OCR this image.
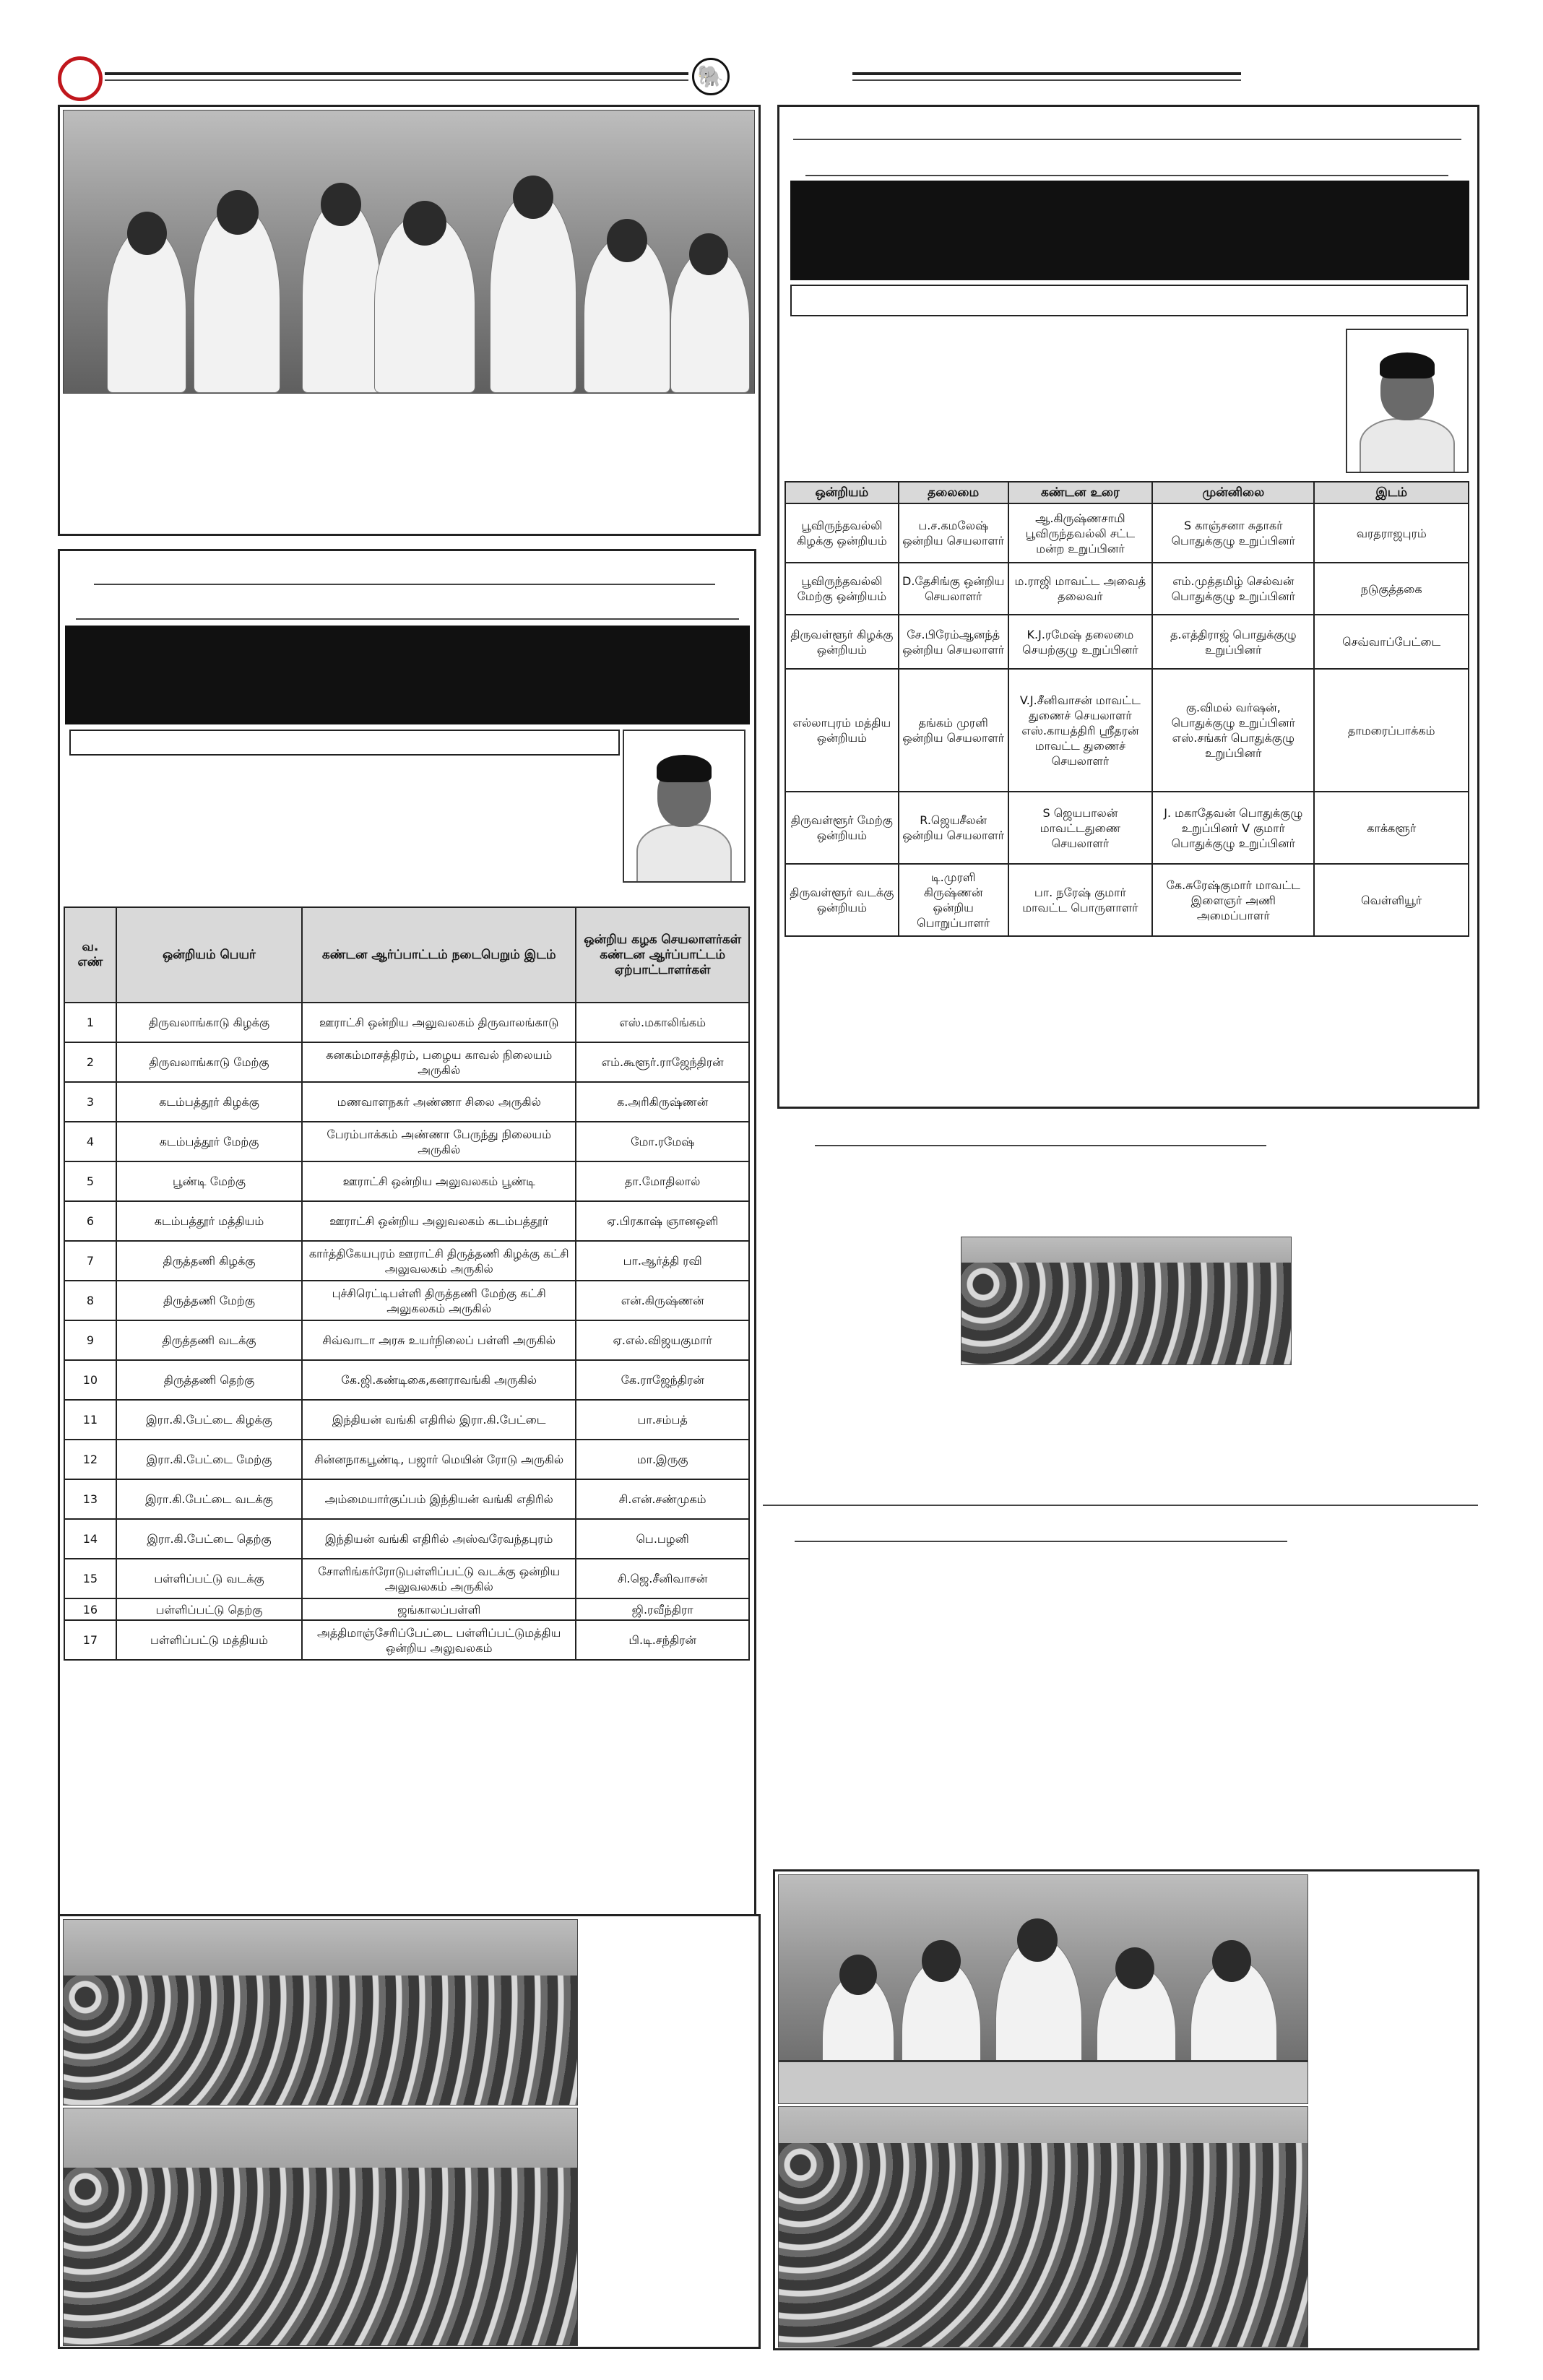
🐘
வ. எண்	ஒன்றியம் பெயர்	கண்டன ஆர்ப்பாட்டம் நடைபெறும் இடம்	ஒன்றிய கழக செயலாளர்கள் கண்டன ஆர்ப்பாட்டம் ஏற்பாட்டாளர்கள்
1	திருவலாங்காடு கிழக்கு	ஊராட்சி ஒன்றிய அலுவலகம் திருவாலங்காடு	எஸ்.மகாலிங்கம்
2	திருவலாங்காடு மேற்கு	கனகம்மாசத்திரம், பழைய காவல் நிலையம் அருகில்	எம்.கூளூர்.ராஜேந்திரன்
3	கடம்பத்தூர் கிழக்கு	மணவாளநகர் அண்ணா சிலை அருகில்	க.அரிகிருஷ்ணன்
4	கடம்பத்தூர் மேற்கு	பேரம்பாக்கம் அண்ணா பேருந்து நிலையம் அருகில்	மோ.ரமேஷ்
5	பூண்டி மேற்கு	ஊராட்சி ஒன்றிய அலுவலகம் பூண்டி	தா.மோதிலால்
6	கடம்பத்தூர் மத்தியம்	ஊராட்சி ஒன்றிய அலுவலகம் கடம்பத்தூர்	ஏ.பிரகாஷ் ஞானஒளி
7	திருத்தணி கிழக்கு	கார்த்திகேயபுரம் ஊராட்சி திருத்தணி கிழக்கு கட்சி அலுவலகம் அருகில்	பா.ஆர்த்தி ரவி
8	திருத்தணி மேற்கு	புச்சிரெட்டிபள்ளி திருத்தணி மேற்கு கட்சி அலுகலகம் அருகில்	என்.கிருஷ்ணன்
9	திருத்தணி வடக்கு	சிவ்வாடா அரசு உயர்நிலைப் பள்ளி அருகில்	ஏ.எல்.விஜயகுமார்
10	திருத்தணி தெற்கு	கே.ஜி.கண்டிகை,கனராவங்கி அருகில்	கே.ராஜேந்திரன்
11	இரா.கி.பேட்டை கிழக்கு	இந்தியன் வங்கி எதிரில் இரா.கி.பேட்டை	பா.சம்பத்
12	இரா.கி.பேட்டை மேற்கு	சின்னநாகபூண்டி, பஜார் மெயின் ரோடு அருகில்	மா.இருகு
13	இரா.கி.பேட்டை வடக்கு	அம்மையார்குப்பம் இந்தியன் வங்கி எதிரில்	சி.என்.சண்முகம்
14	இரா.கி.பேட்டை தெற்கு	இந்தியன் வங்கி எதிரில் அஸ்வரேவந்தபுரம்	பெ.பழனி
15	பள்ளிப்பட்டு வடக்கு	சோளிங்கர்ரோடுபள்ளிப்பட்டு வடக்கு ஒன்றிய அலுவலகம் அருகில்	சி.ஜெ.சீனிவாசன்
16	பள்ளிப்பட்டு தெற்கு	ஜங்காலப்பள்ளி	ஜி.ரவீந்திரா
17	பள்ளிப்பட்டு மத்தியம்	அத்திமாஞ்சேரிப்பேட்டை பள்ளிப்பட்டுமத்திய ஒன்றிய அலுவலகம்	பி.டி.சந்திரன்
ஒன்றியம்	தலைமை	கண்டன உரை	முன்னிலை	இடம்
பூவிருந்தவல்லி கிழக்கு ஒன்றியம்	ப.ச.கமலேஷ் ஒன்றிய செயலாளர்	ஆ.கிருஷ்ணசாமி பூவிருந்தவல்லி சட்ட மன்ற உறுப்பினர்	S காஞ்சனா சுதாகர் பொதுக்குழு உறுப்பினர்	வரதராஜபுரம்
பூவிருந்தவல்லி மேற்கு ஒன்றியம்	D.தேசிங்கு ஒன்றிய செயலாளர்	ம.ராஜி மாவட்ட அவைத் தலைவர்	எம்.முத்தமிழ் செல்வன் பொதுக்குழு உறுப்பினர்	நடுகுத்தகை
திருவள்ளூர் கிழக்கு ஒன்றியம்	சே.பிரேம்ஆனந்த் ஒன்றிய செயலாளர்	K.J.ரமேஷ் தலைமை செயற்குழு உறுப்பினர்	த.எத்திராஜ் பொதுக்குழு உறுப்பினர்	செவ்வாப்பேட்டை
எல்லாபுரம் மத்திய ஒன்றியம்	தங்கம் முரளி ஒன்றிய செயலாளர்	V.J.சீனிவாசன் மாவட்ட துணைச் செயலாளர் எஸ்.காயத்திரி ஸ்ரீதரன் மாவட்ட துணைச் செயலாளர்	கு.விமல் வர்ஷன், பொதுக்குழு உறுப்பினர் எஸ்.சங்கர் பொதுக்குழு உறுப்பினர்	தாமரைப்பாக்கம்
திருவள்ளூர் மேற்கு ஒன்றியம்	R.ஜெயசீலன் ஒன்றிய செயலாளர்	S ஜெயபாலன் மாவட்டதுணை செயலாளர்	J. மகாதேவன் பொதுக்குழு உறுப்பினர் V குமார் பொதுக்குழு உறுப்பினர்	காக்களூர்
திருவள்ளூர் வடக்கு ஒன்றியம்	டி.முரளி கிருஷ்ணன் ஒன்றிய பொறுப்பாளர்	பா. நரேஷ் குமார் மாவட்ட பொருளாளர்	கே.சுரேஷ்குமார் மாவட்ட இளைஞர் அணி அமைப்பாளர்	வெள்ளியூர்
